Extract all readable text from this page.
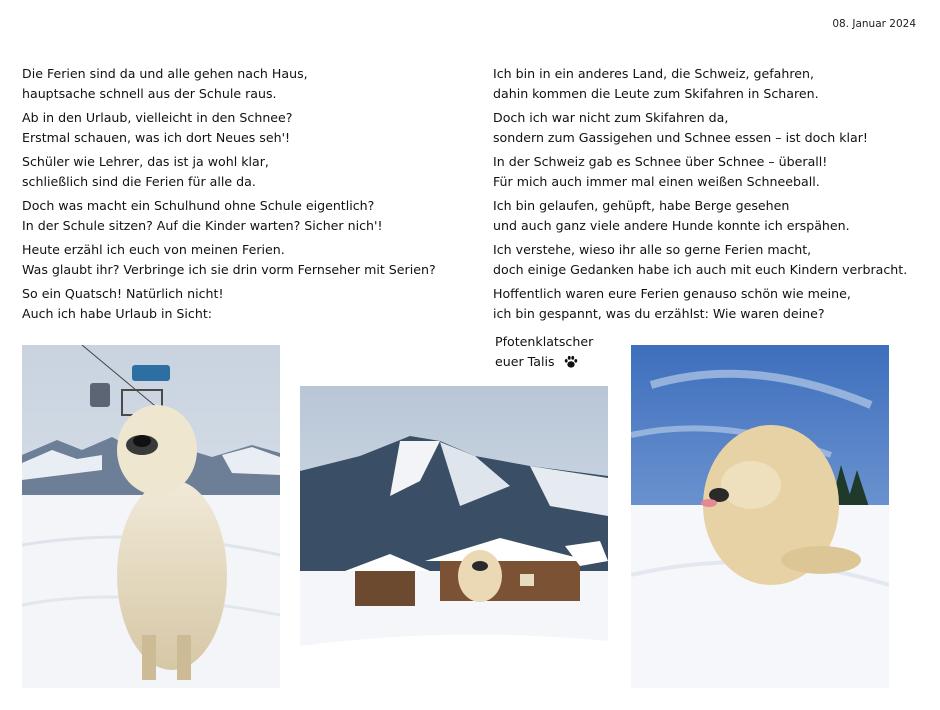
08. Januar 2024
Die Ferien sind da und alle gehen nach Haus,
hauptsache schnell aus der Schule raus.
Ab in den Urlaub, vielleicht in den Schnee?
Erstmal schauen, was ich dort Neues seh'!
Schüler wie Lehrer, das ist ja wohl klar,
schließlich sind die Ferien für alle da.
Doch was macht ein Schulhund ohne Schule eigentlich?
In der Schule sitzen? Auf die Kinder warten? Sicher nich'!
Heute erzähl ich euch von meinen Ferien.
Was glaubt ihr? Verbringe ich sie drin vorm Fernseher mit Serien?
So ein Quatsch! Natürlich nicht!
Auch ich habe Urlaub in Sicht:
Ich bin in ein anderes Land, die Schweiz, gefahren,
dahin kommen die Leute zum Skifahren in Scharen.
Doch ich war nicht zum Skifahren da,
sondern zum Gassigehen und Schnee essen – ist doch klar!
In der Schweiz gab es Schnee über Schnee – überall!
Für mich auch immer mal einen weißen Schneeball.
Ich bin gelaufen, gehüpft, habe Berge gesehen
und auch ganz viele andere Hunde konnte ich erspähen.
Ich verstehe, wieso ihr alle so gerne Ferien macht,
doch einige Gedanken habe ich auch mit euch Kindern verbracht.
Hoffentlich waren eure Ferien genauso schön wie meine,
ich bin gespannt, was du erzählst: Wie waren deine?
Pfotenklatscher
euer Talis
